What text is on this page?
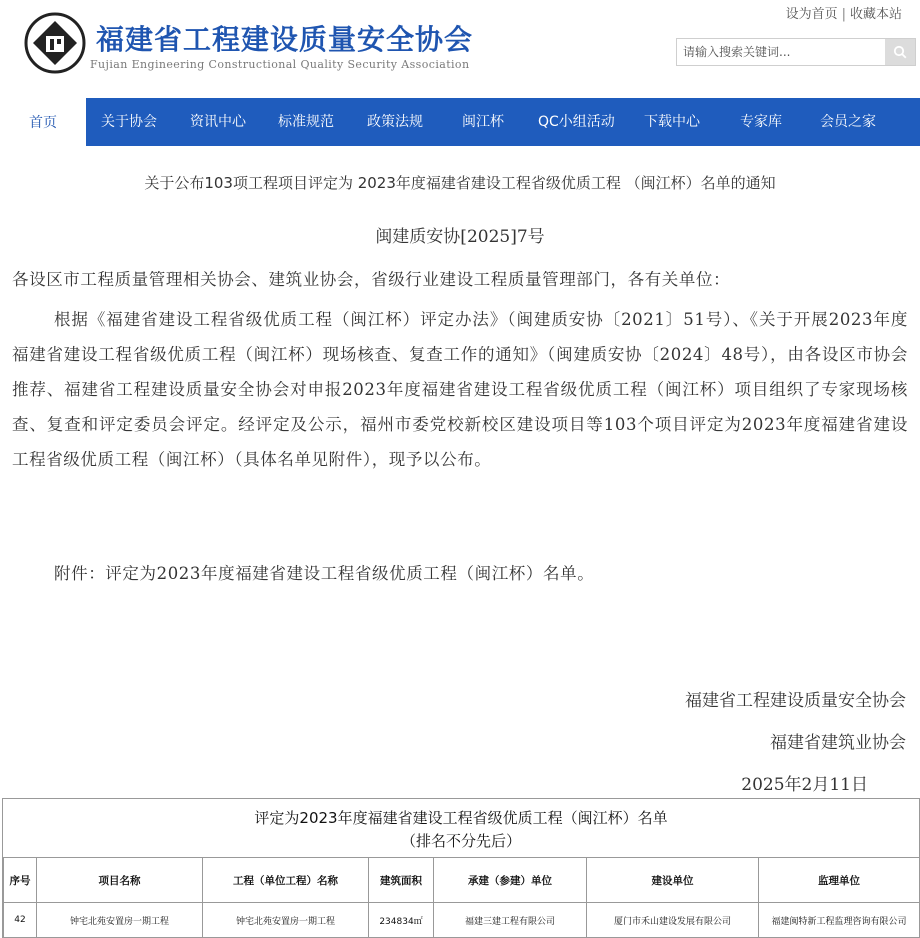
福建省工程建设质量安全协会
Fujian Engineering Constructional Quality Security Association
设为首页 | 收藏本站
请输入搜索关键词...
首页	关于协会 资讯中心 标准规范 政策法规	闽江杯 QC小组活动 下载中心	专家库	会员之家
关于公布103项工程项目评定为 2023年度福建省建设工程省级优质工程 （闽江杯）名单的通知
闽建质安协[2025]7号
各设区市工程质量管理相关协会、建筑业协会，省级行业建设工程质量管理部门，各有关单位：
根据《福建省建设工程省级优质工程（闽江杯）评定办法》（闽建质安协〔2021〕51号）、《关于开展2023年度福建省建设工程省级优质工程（闽江杯）现场核查、复查工作的通知》（闽建质安协〔2024〕48号），由各设区市协会推荐、福建省工程建设质量安全协会对申报2023年度福建省建设工程省级优质工程（闽江杯）项目组织了专家现场核查、复查和评定委员会评定。经评定及公示，福州市委党校新校区建设项目等103个项目评定为2023年度福建省建设工程省级优质工程（闽江杯）（具体名单见附件），现予以公布。
附件：评定为2023年度福建省建设工程省级优质工程（闽江杯）名单。
福建省工程建设质量安全协会
福建省建筑业协会
2025年2月11日
评定为2023年度福建省建设工程省级优质工程（闽江杯）名单
（排名不分先后）
序号	项目名称	工程（单位工程）名称	建筑面积	承建（参建）单位	建设单位	监理单位
42	钟宅北苑安置房一期工程	钟宅北苑安置房一期工程	234834㎡	福建三建工程有限公司	厦门市禾山建设发展有限公司	福建闽特新工程监理咨询有限公司
